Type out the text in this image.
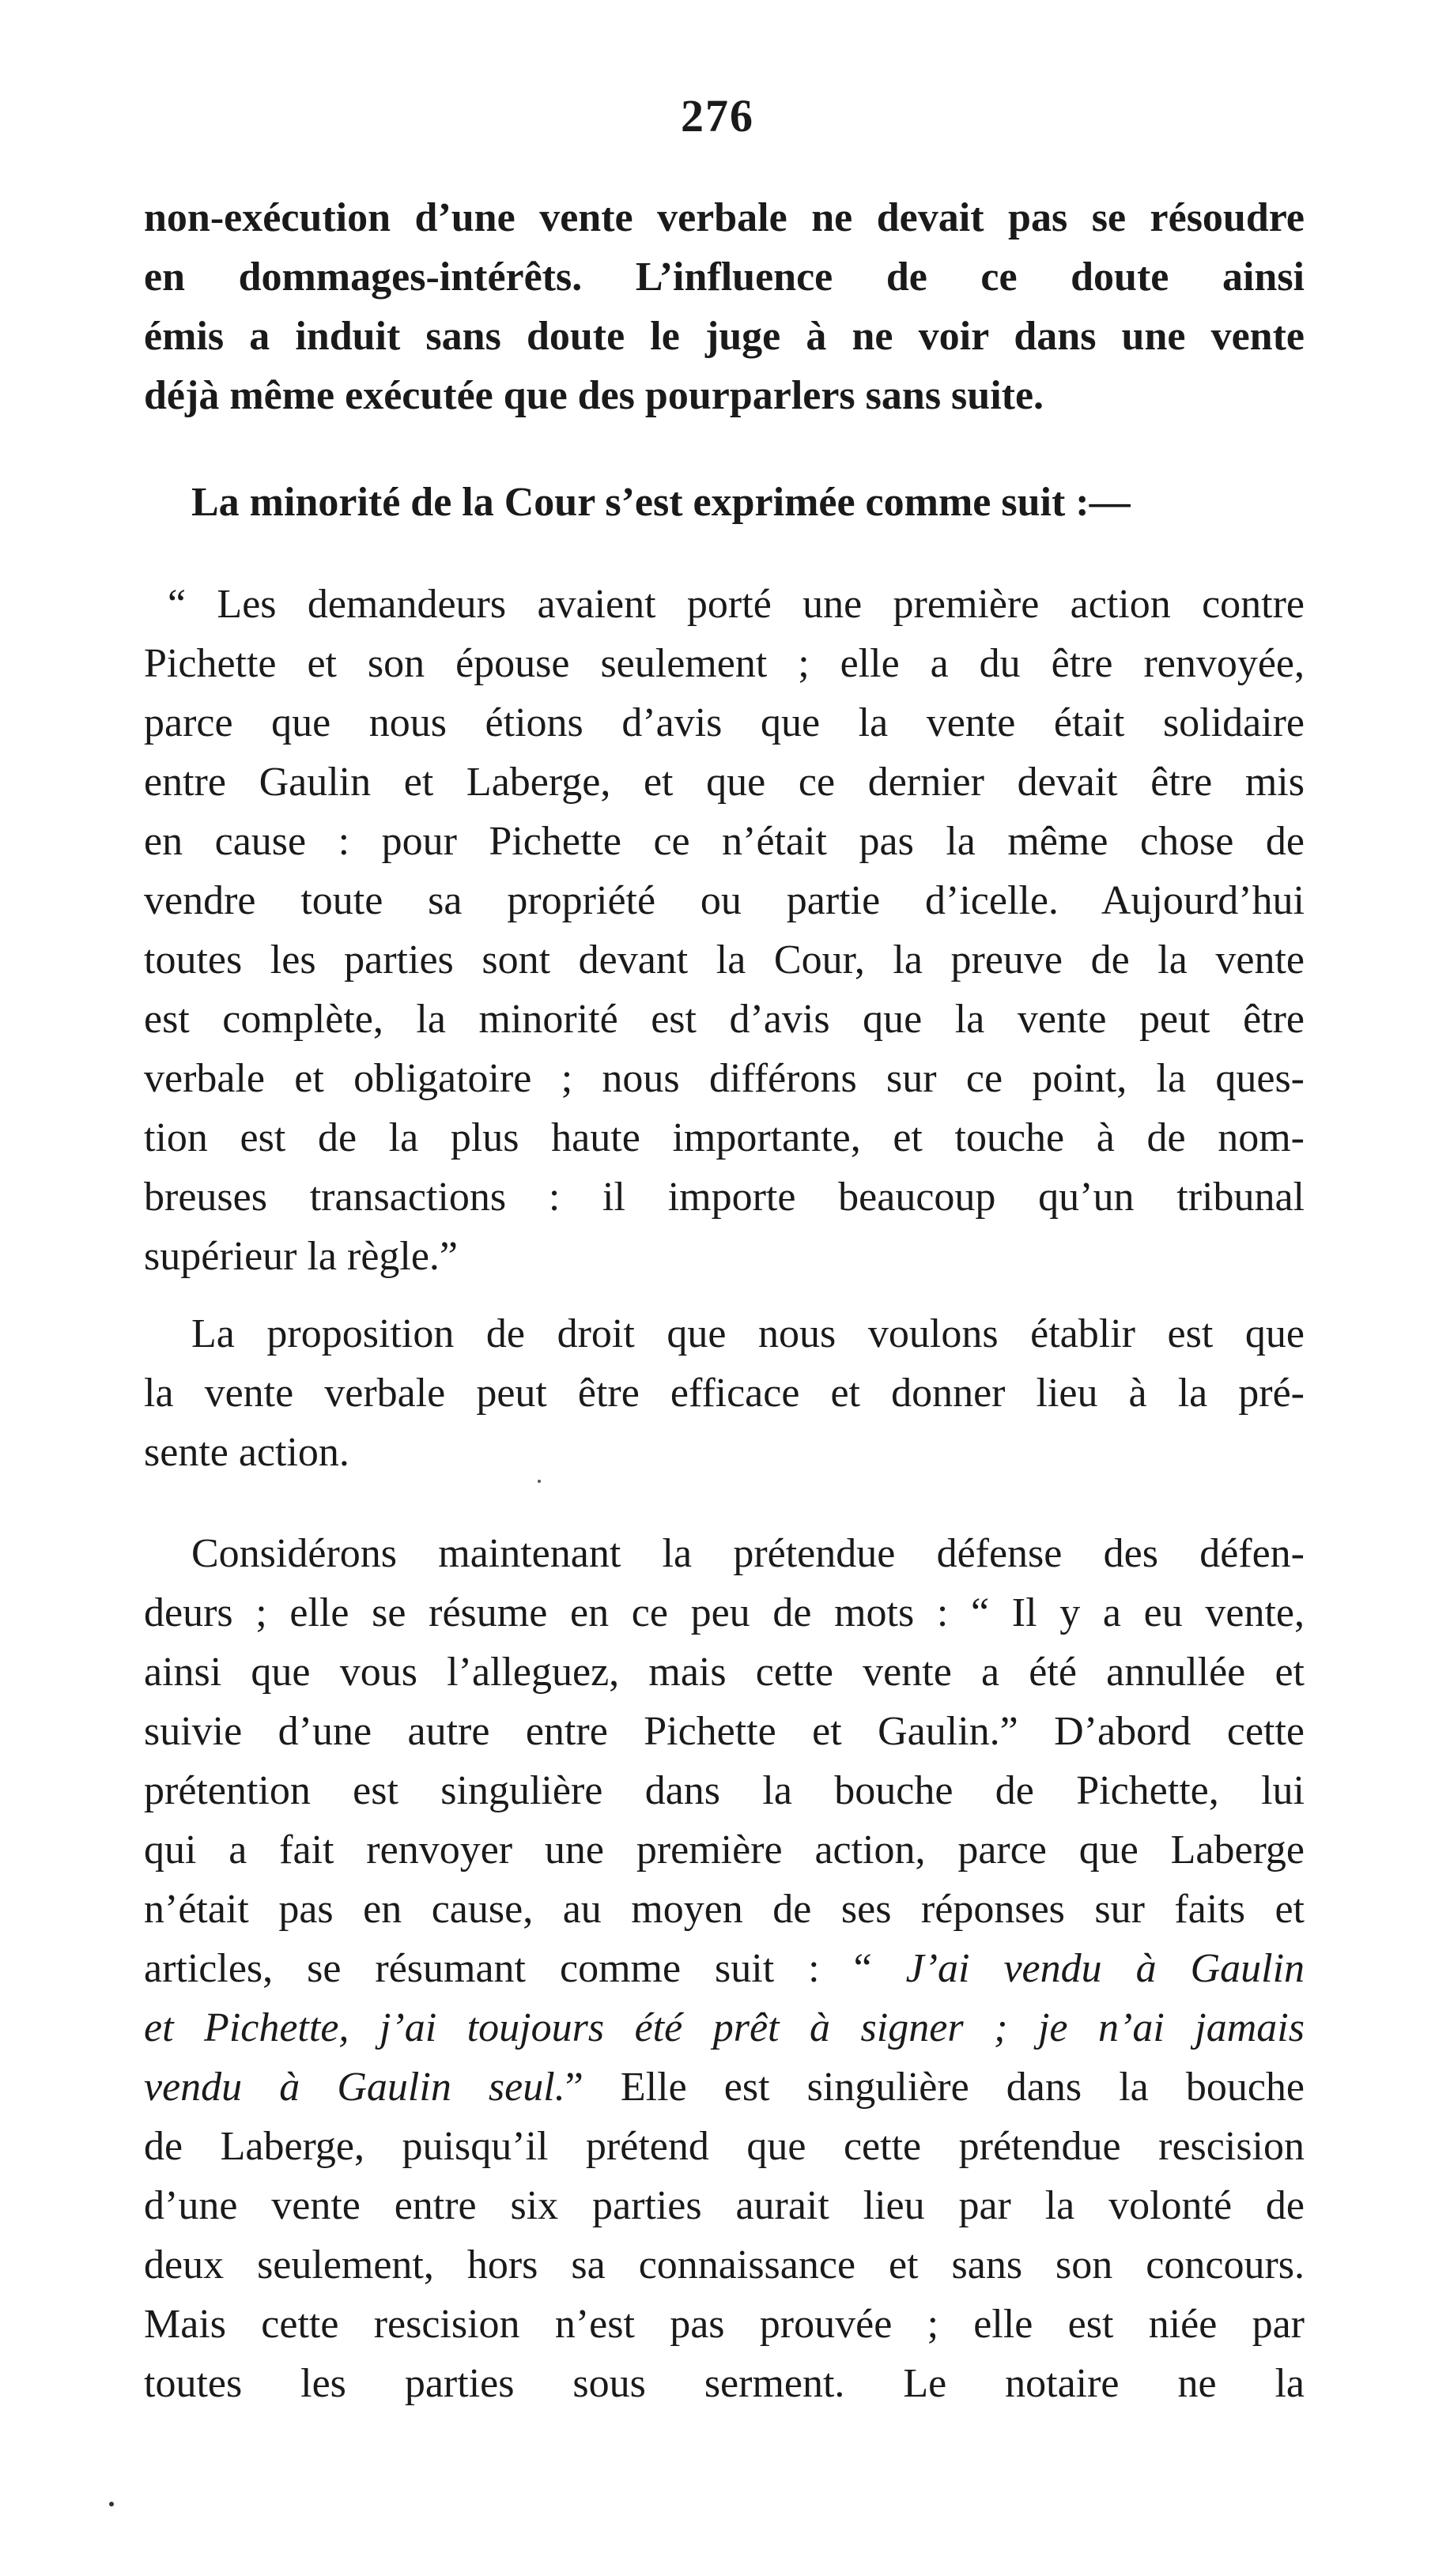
276
non-exécution d’une vente verbale ne devait pas se résoudre
en dommages-intérêts. L’influence de ce doute ainsi
émis a induit sans doute le juge à ne voir dans une vente
déjà même exécutée que des pourparlers sans suite.
La minorité de la Cour s’est exprimée comme suit :—
“ Les demandeurs avaient porté une première action contre
Pichette et son épouse seulement ; elle a du être renvoyée,
parce que nous étions d’avis que la vente était solidaire
entre Gaulin et Laberge, et que ce dernier devait être mis
en cause : pour Pichette ce n’était pas la même chose de
vendre toute sa propriété ou partie d’icelle. Aujourd’hui
toutes les parties sont devant la Cour, la preuve de la vente
est complète, la minorité est d’avis que la vente peut être
verbale et obligatoire ; nous différons sur ce point, la ques-
tion est de la plus haute importante, et touche à de nom-
breuses transactions : il importe beaucoup qu’un tribunal
supérieur la règle.”
La proposition de droit que nous voulons établir est que
la vente verbale peut être efficace et donner lieu à la pré-
sente action.
Considérons maintenant la prétendue défense des défen-
deurs ; elle se résume en ce peu de mots : “ Il y a eu vente,
ainsi que vous l’alleguez, mais cette vente a été annullée et
suivie d’une autre entre Pichette et Gaulin.” D’abord cette
prétention est singulière dans la bouche de Pichette, lui
qui a fait renvoyer une première action, parce que Laberge
n’était pas en cause, au moyen de ses réponses sur faits et
articles, se résumant comme suit : “ J’ai vendu à Gaulin
et Pichette, j’ai toujours été prêt à signer ; je n’ai jamais
vendu à Gaulin seul.” Elle est singulière dans la bouche
de Laberge, puisqu’il prétend que cette prétendue rescision
d’une vente entre six parties aurait lieu par la volonté de
deux seulement, hors sa connaissance et sans son concours.
Mais cette rescision n’est pas prouvée ; elle est niée par
toutes les parties sous serment. Le notaire ne la
